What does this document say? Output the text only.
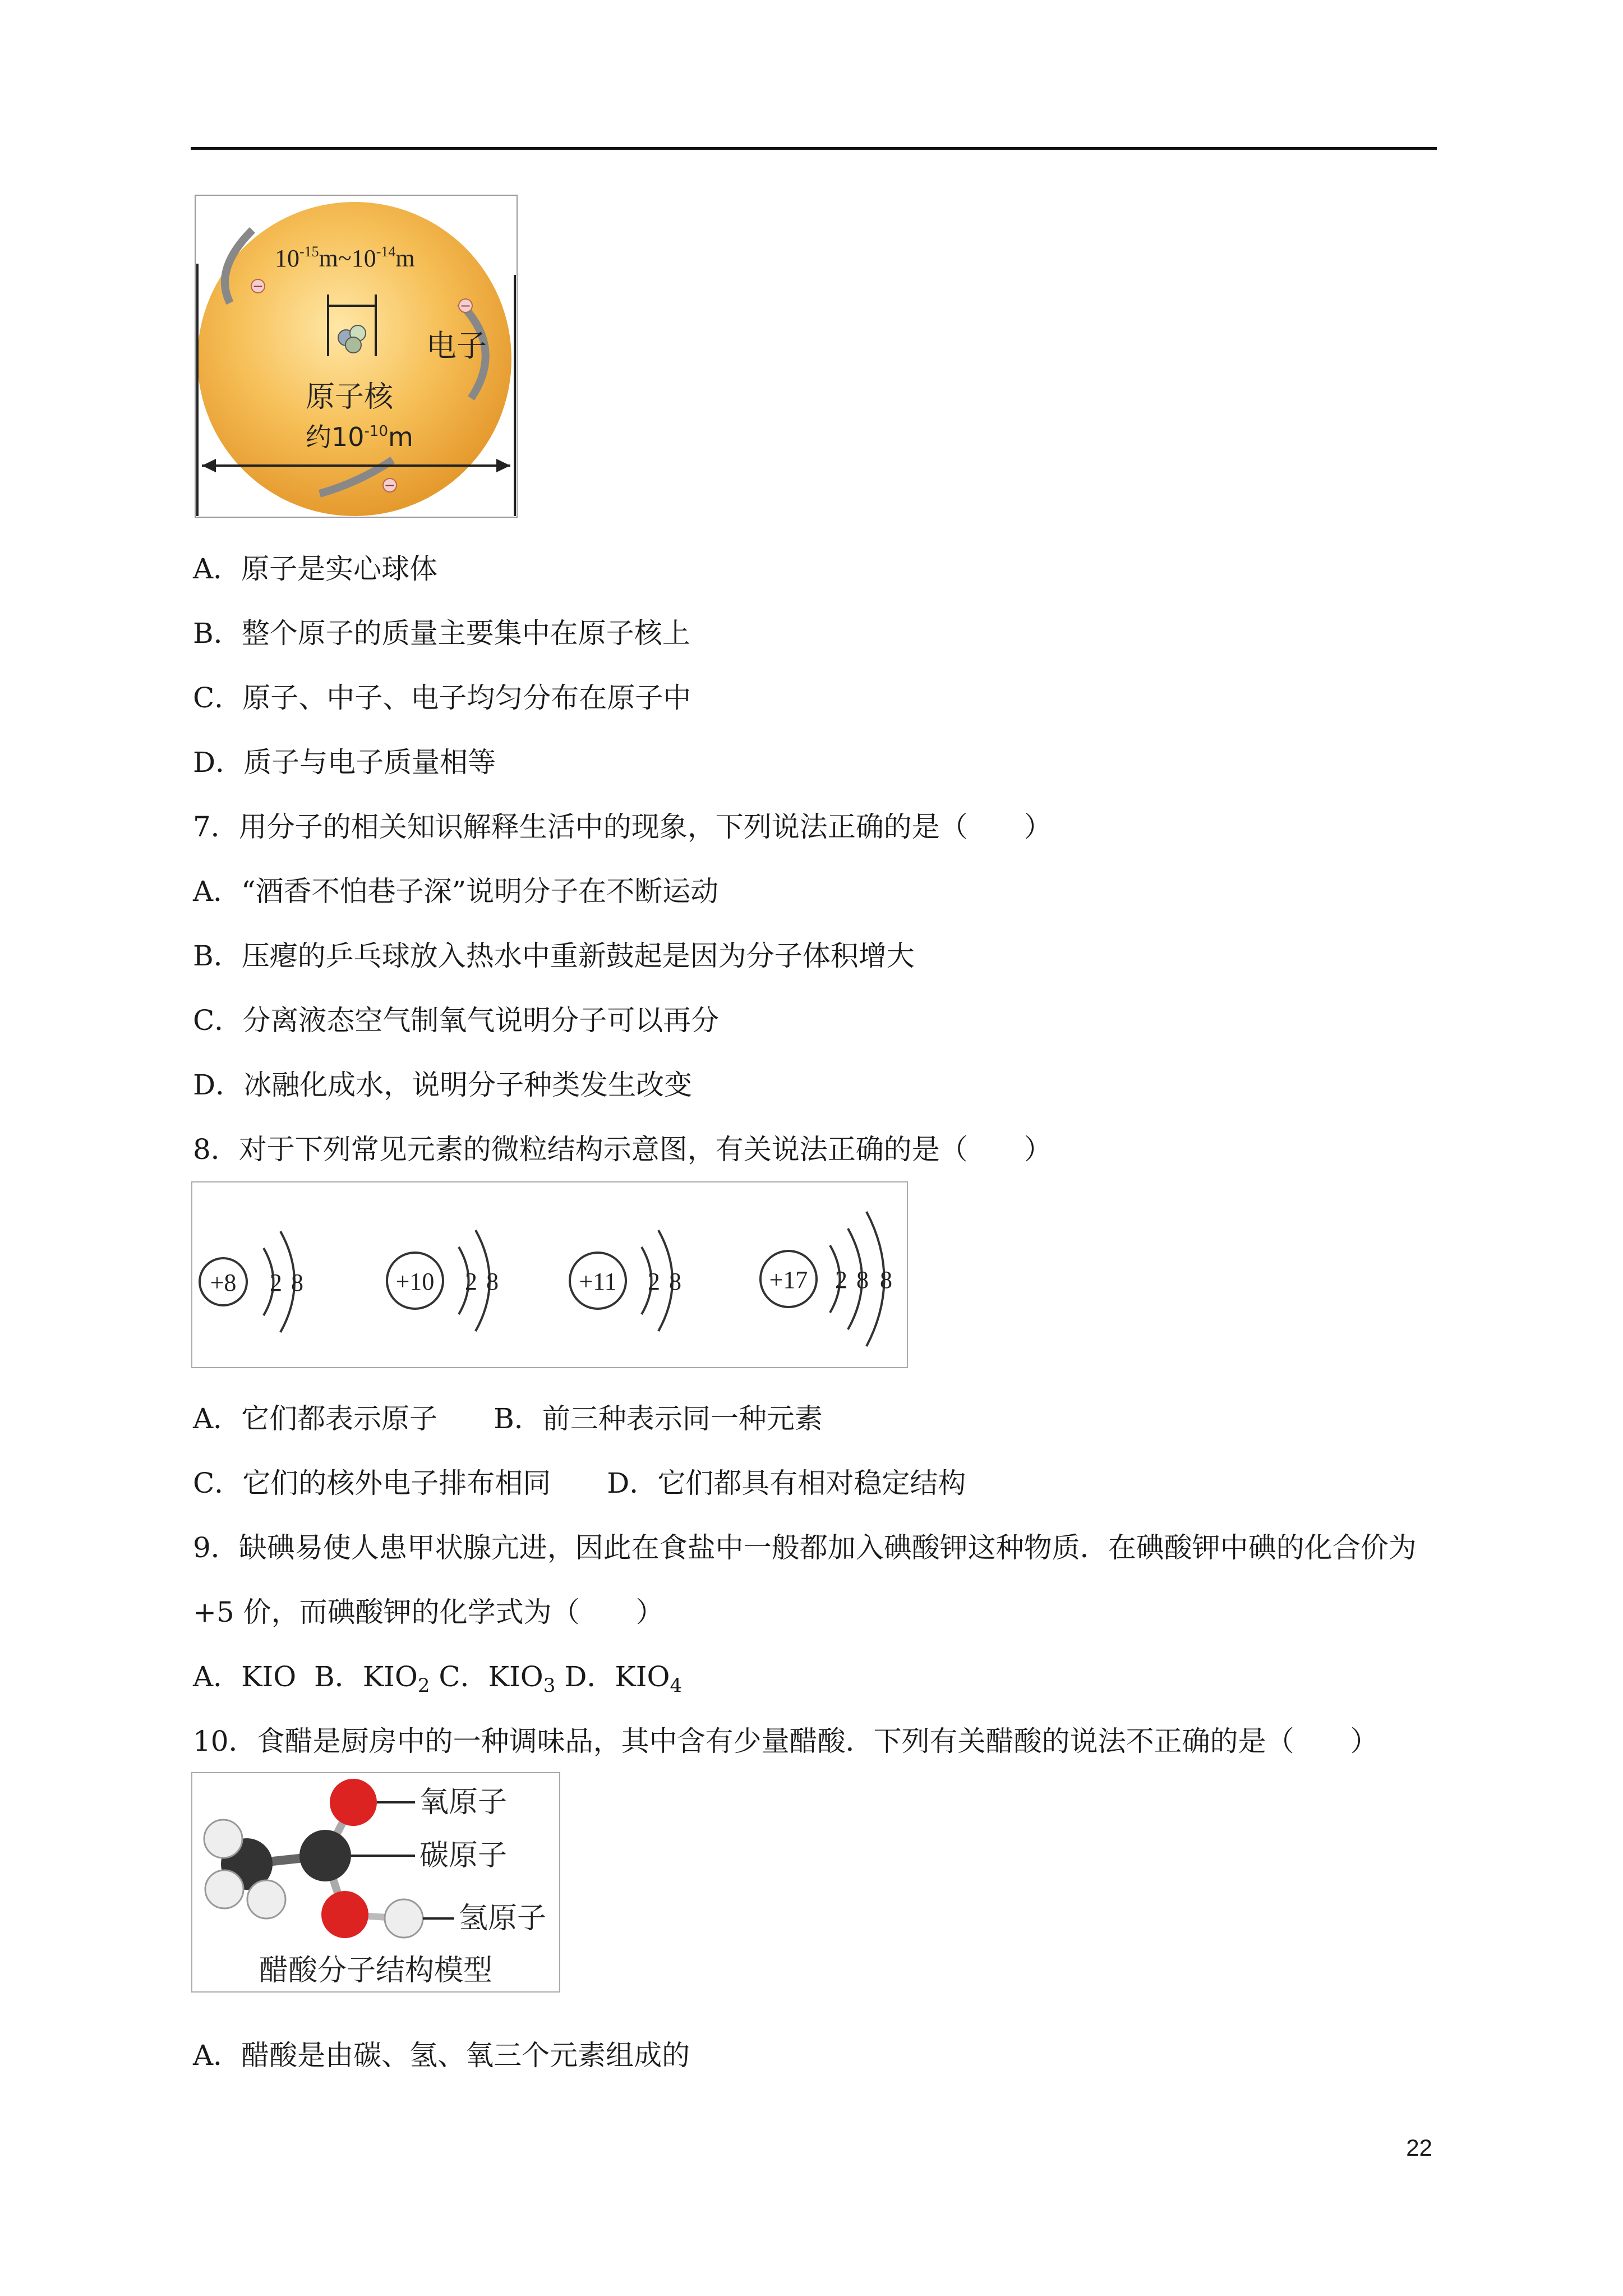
−
−
−
$10^{-15}m\sim 10^{-14}m$
电子
原子核
约$10^{-10}m$
A．原子是实心球体
B．整个原子的质量主要集中在原子核上
C．原子、中子、电子均匀分布在原子中
D．质子与电子质量相等
7．用分子的相关知识解释生活中的现象，下列说法正确的是（　　）
A．“酒香不怕巷子深”说明分子在不断运动
B．压瘪的乒乓球放入热水中重新鼓起是因为分子体积增大
C．分离液态空气制氧气说明分子可以再分
D．冰融化成水，说明分子种类发生改变
8．对于下列常见元素的微粒结构示意图，有关说法正确的是（　　）
+8 2 8	+10 2 8	+11 2 8	+17 2 8 8
A．它们都表示原子　　B．前三种表示同一种元素
C．它们的核外电子排布相同　　D．它们都具有相对稳定结构
9．缺碘易使人患甲状腺亢进，因此在食盐中一般都加入碘酸钾这种物质．在碘酸钾中碘的化合价为
+5 价，而碘酸钾的化学式为（　　）
A．KIO B．$KIO_2$ C．$KIO_3$ D．$KIO_4$
10．食醋是厨房中的一种调味品，其中含有少量醋酸．下列有关醋酸的说法不正确的是（　　）
氧原子
碳原子
氢原子
醋酸分子结构模型
A．醋酸是由碳、氢、氧三个元素组成的
22
